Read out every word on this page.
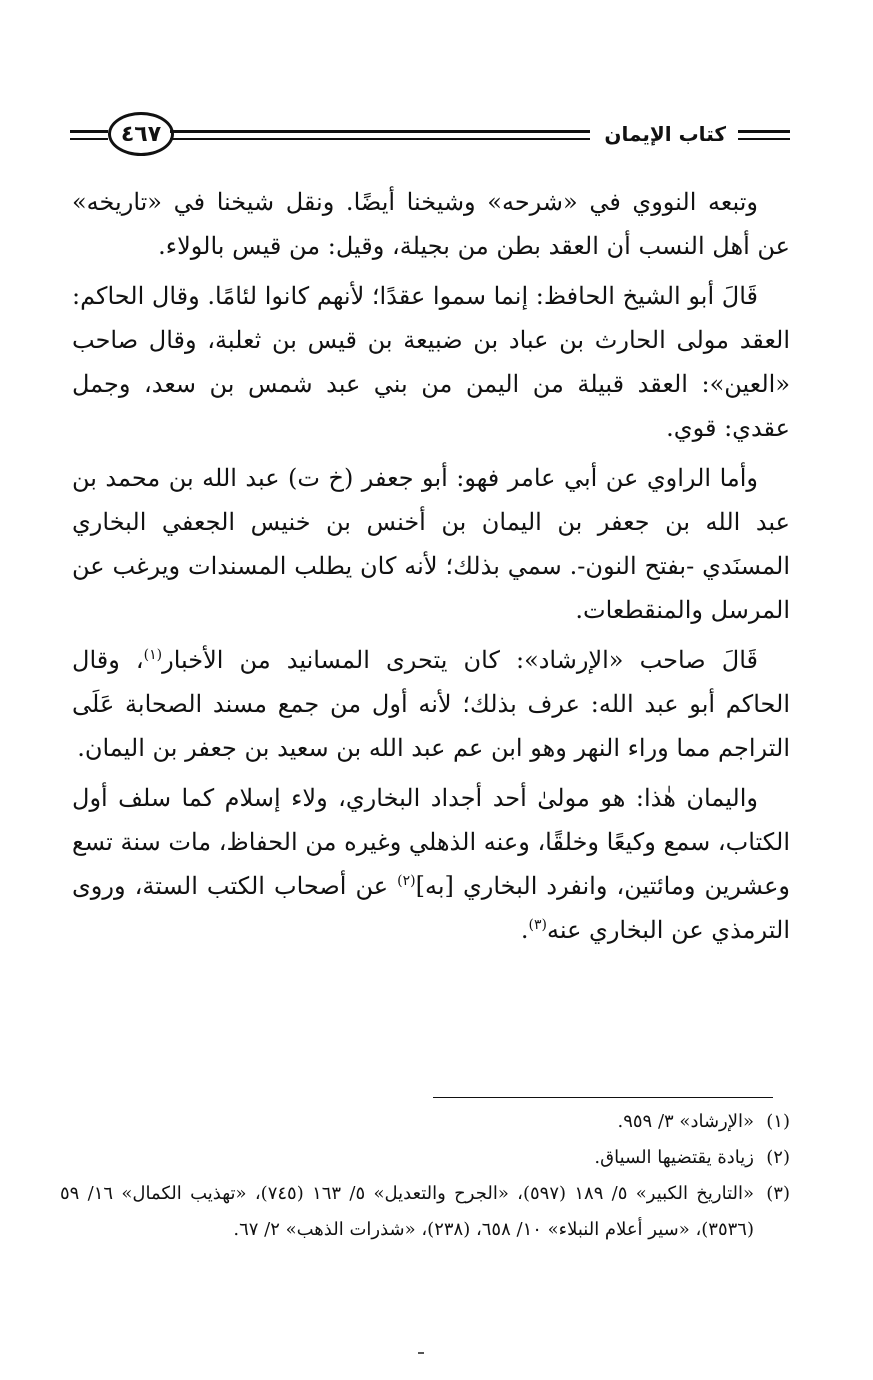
٤٦٧	كتاب الإيمان

وتبعه النووي في «شرحه» وشيخنا أيضًا. ونقل شيخنا في «تاريخه» عن أهل النسب أن العقد بطن من بجيلة، وقيل: من قيس بالولاء.

قَالَ أبو الشيخ الحافظ: إنما سموا عقدًا؛ لأنهم كانوا لئامًا. وقال الحاكم: العقد مولى الحارث بن عباد بن ضبيعة بن قيس بن ثعلبة، وقال صاحب «العين»: العقد قبيلة من اليمن من بني عبد شمس بن سعد، وجمل عقدي: قوي.

وأما الراوي عن أبي عامر فهو: أبو جعفر (خ ت) عبد الله بن محمد بن عبد الله بن جعفر بن اليمان بن أخنس بن خنيس الجعفي البخاري المسنَدي -بفتح النون-. سمي بذلك؛ لأنه كان يطلب المسندات ويرغب عن المرسل والمنقطعات.

قَالَ صاحب «الإرشاد»: كان يتحرى المسانيد من الأخبار$^{(١)}$، وقال الحاكم أبو عبد الله: عرف بذلك؛ لأنه أول من جمع مسند الصحابة عَلَى التراجم مما وراء النهر وهو ابن عم عبد الله بن سعيد بن جعفر بن اليمان.

واليمان هٰذا: هو مولىٰ أحد أجداد البخاري، ولاء إسلام كما سلف أول الكتاب، سمع وكيعًا وخلقًا، وعنه الذهلي وغيره من الحفاظ، مات سنة تسع وعشرين ومائتين، وانفرد البخاري [به]$^{(٢)}$ عن أصحاب الكتب الستة، وروى الترمذي عن البخاري عنه$^{(٣)}$.

(١)
«الإرشاد» ٣/ ٩٥٩.
(٢)
زيادة يقتضيها السياق.
(٣)
«التاريخ الكبير» ٥/ ١٨٩ (٥٩٧)، «الجرح والتعديل» ٥/ ١٦٣ (٧٤٥)، «تهذيب الكمال» ١٦/ ٥٩ (٣٥٣٦)، «سير أعلام النبلاء» ١٠/ ٦٥٨، (٢٣٨)، «شذرات الذهب» ٢/ ٦٧.
